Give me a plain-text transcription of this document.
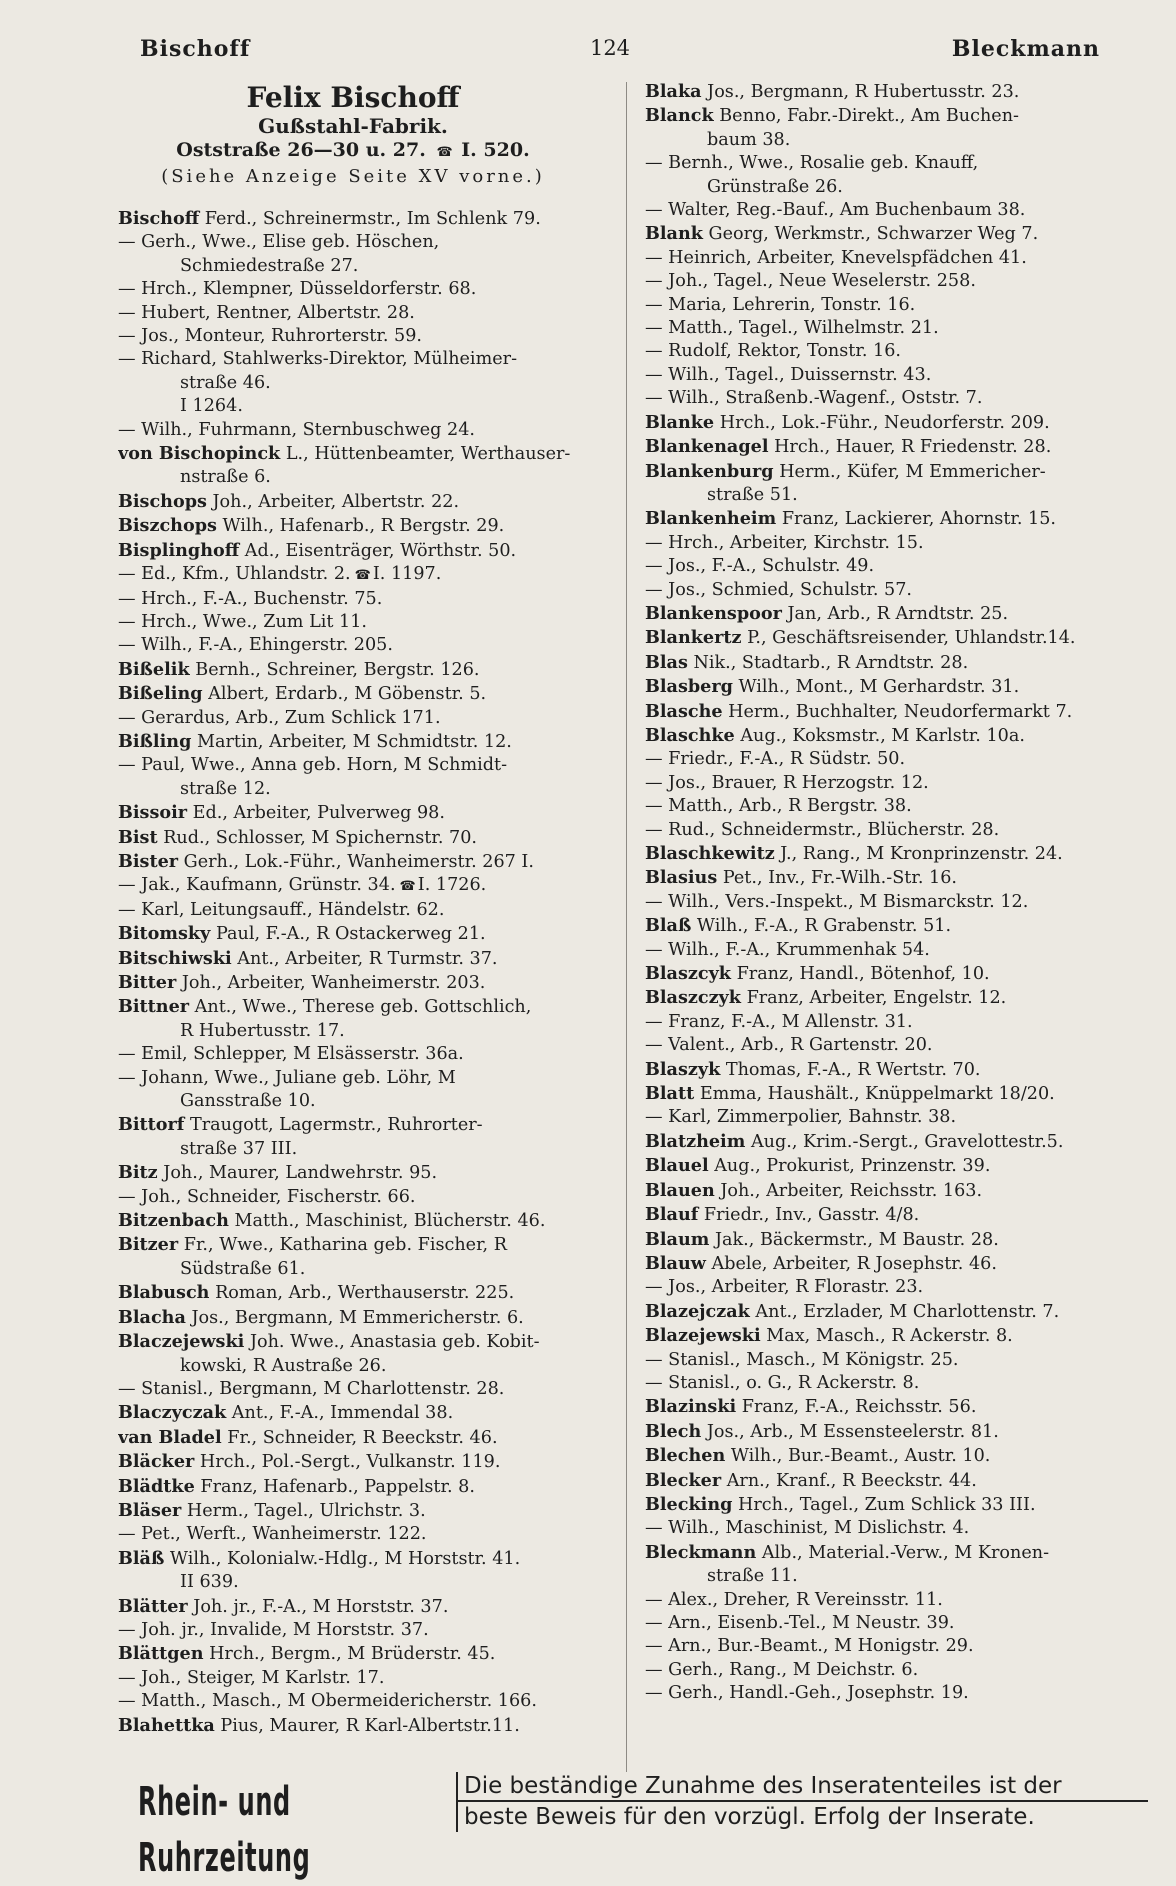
Bischoff	124	Bleckmann
Felix Bischoff
Gußstahl-Fabrik.
Oststraße 26—30 u. 27. ☎ I. 520.
(Siehe Anzeige Seite XV vorne.)
Bischoff Ferd., Schreinermstr., Im Schlenk 79.
— Gerh., Wwe., Elise geb. Höschen,
Schmiedestraße 27.
— Hrch., Klempner, Düsseldorferstr. 68.
— Hubert, Rentner, Albertstr. 28.
— Jos., Monteur, Ruhrorterstr. 59.
— Richard, Stahlwerks-Direktor, Mülheimer-
straße 46.
I 1264.
— Wilh., Fuhrmann, Sternbuschweg 24.
von Bischopinck L., Hüttenbeamter, Werthauser-
nstraße 6.
Bischops Joh., Arbeiter, Albertstr. 22.
Biszchops Wilh., Hafenarb., R Bergstr. 29.
Bisplinghoff Ad., Eisenträger, Wörthstr. 50.
— Ed., Kfm., Uhlandstr. 2. ☎ I. 1197.
— Hrch., F.-A., Buchenstr. 75.
— Hrch., Wwe., Zum Lit 11.
— Wilh., F.-A., Ehingerstr. 205.
Bißelik Bernh., Schreiner, Bergstr. 126.
Bißeling Albert, Erdarb., M Göbenstr. 5.
— Gerardus, Arb., Zum Schlick 171.
Bißling Martin, Arbeiter, M Schmidtstr. 12.
— Paul, Wwe., Anna geb. Horn, M Schmidt-
straße 12.
Bissoir Ed., Arbeiter, Pulverweg 98.
Bist Rud., Schlosser, M Spichernstr. 70.
Bister Gerh., Lok.-Führ., Wanheimerstr. 267 I.
— Jak., Kaufmann, Grünstr. 34. ☎ I. 1726.
— Karl, Leitungsauff., Händelstr. 62.
Bitomsky Paul, F.-A., R Ostackerweg 21.
Bitschiwski Ant., Arbeiter, R Turmstr. 37.
Bitter Joh., Arbeiter, Wanheimerstr. 203.
Bittner Ant., Wwe., Therese geb. Gottschlich,
R Hubertusstr. 17.
— Emil, Schlepper, M Elsässerstr. 36a.
— Johann, Wwe., Juliane geb. Löhr, M
Gansstraße 10.
Bittorf Traugott, Lagermstr., Ruhrorter-
straße 37 III.
Bitz Joh., Maurer, Landwehrstr. 95.
— Joh., Schneider, Fischerstr. 66.
Bitzenbach Matth., Maschinist, Blücherstr. 46.
Bitzer Fr., Wwe., Katharina geb. Fischer, R
Südstraße 61.
Blabusch Roman, Arb., Werthauserstr. 225.
Blacha Jos., Bergmann, M Emmericherstr. 6.
Blaczejewski Joh. Wwe., Anastasia geb. Kobit-
kowski, R Austraße 26.
— Stanisl., Bergmann, M Charlottenstr. 28.
Blaczyczak Ant., F.-A., Immendal 38.
van Bladel Fr., Schneider, R Beeckstr. 46.
Bläcker Hrch., Pol.-Sergt., Vulkanstr. 119.
Blädtke Franz, Hafenarb., Pappelstr. 8.
Bläser Herm., Tagel., Ulrichstr. 3.
— Pet., Werft., Wanheimerstr. 122.
Bläß Wilh., Kolonialw.-Hdlg., M Horststr. 41.
II 639.
Blätter Joh. jr., F.-A., M Horststr. 37.
— Joh. jr., Invalide, M Horststr. 37.
Blättgen Hrch., Bergm., M Brüderstr. 45.
— Joh., Steiger, M Karlstr. 17.
— Matth., Masch., M Obermeidericherstr. 166.
Blahettka Pius, Maurer, R Karl-Albertstr.11.
Blaka Jos., Bergmann, R Hubertusstr. 23.
Blanck Benno, Fabr.-Direkt., Am Buchen-
baum 38.
— Bernh., Wwe., Rosalie geb. Knauff,
Grünstraße 26.
— Walter, Reg.-Bauf., Am Buchenbaum 38.
Blank Georg, Werkmstr., Schwarzer Weg 7.
— Heinrich, Arbeiter, Knevelspfädchen 41.
— Joh., Tagel., Neue Weselerstr. 258.
— Maria, Lehrerin, Tonstr. 16.
— Matth., Tagel., Wilhelmstr. 21.
— Rudolf, Rektor, Tonstr. 16.
— Wilh., Tagel., Duissernstr. 43.
— Wilh., Straßenb.-Wagenf., Oststr. 7.
Blanke Hrch., Lok.-Führ., Neudorferstr. 209.
Blankenagel Hrch., Hauer, R Friedenstr. 28.
Blankenburg Herm., Küfer, M Emmericher-
straße 51.
Blankenheim Franz, Lackierer, Ahornstr. 15.
— Hrch., Arbeiter, Kirchstr. 15.
— Jos., F.-A., Schulstr. 49.
— Jos., Schmied, Schulstr. 57.
Blankenspoor Jan, Arb., R Arndtstr. 25.
Blankertz P., Geschäftsreisender, Uhlandstr.14.
Blas Nik., Stadtarb., R Arndtstr. 28.
Blasberg Wilh., Mont., M Gerhardstr. 31.
Blasche Herm., Buchhalter, Neudorfermarkt 7.
Blaschke Aug., Koksmstr., M Karlstr. 10a.
— Friedr., F.-A., R Südstr. 50.
— Jos., Brauer, R Herzogstr. 12.
— Matth., Arb., R Bergstr. 38.
— Rud., Schneidermstr., Blücherstr. 28.
Blaschkewitz J., Rang., M Kronprinzenstr. 24.
Blasius Pet., Inv., Fr.-Wilh.-Str. 16.
— Wilh., Vers.-Inspekt., M Bismarckstr. 12.
Blaß Wilh., F.-A., R Grabenstr. 51.
— Wilh., F.-A., Krummenhak 54.
Blaszcyk Franz, Handl., Bötenhof, 10.
Blaszczyk Franz, Arbeiter, Engelstr. 12.
— Franz, F.-A., M Allenstr. 31.
— Valent., Arb., R Gartenstr. 20.
Blaszyk Thomas, F.-A., R Wertstr. 70.
Blatt Emma, Haushält., Knüppelmarkt 18/20.
— Karl, Zimmerpolier, Bahnstr. 38.
Blatzheim Aug., Krim.-Sergt., Gravelottestr.5.
Blauel Aug., Prokurist, Prinzenstr. 39.
Blauen Joh., Arbeiter, Reichsstr. 163.
Blauf Friedr., Inv., Gasstr. 4/8.
Blaum Jak., Bäckermstr., M Baustr. 28.
Blauw Abele, Arbeiter, R Josephstr. 46.
— Jos., Arbeiter, R Florastr. 23.
Blazejczak Ant., Erzlader, M Charlottenstr. 7.
Blazejewski Max, Masch., R Ackerstr. 8.
— Stanisl., Masch., M Königstr. 25.
— Stanisl., o. G., R Ackerstr. 8.
Blazinski Franz, F.-A., Reichsstr. 56.
Blech Jos., Arb., M Essensteelerstr. 81.
Blechen Wilh., Bur.-Beamt., Austr. 10.
Blecker Arn., Kranf., R Beeckstr. 44.
Blecking Hrch., Tagel., Zum Schlick 33 III.
— Wilh., Maschinist, M Dislichstr. 4.
Bleckmann Alb., Material.-Verw., M Kronen-
straße 11.
— Alex., Dreher, R Vereinsstr. 11.
— Arn., Eisenb.-Tel., M Neustr. 39.
— Arn., Bur.-Beamt., M Honigstr. 29.
— Gerh., Rang., M Deichstr. 6.
— Gerh., Handl.-Geh., Josephstr. 19.
Rhein- und Ruhrzeitung
Die beständige Zunahme des Inseratenteiles ist der
beste Beweis für den vorzügl. Erfolg der Inserate.
